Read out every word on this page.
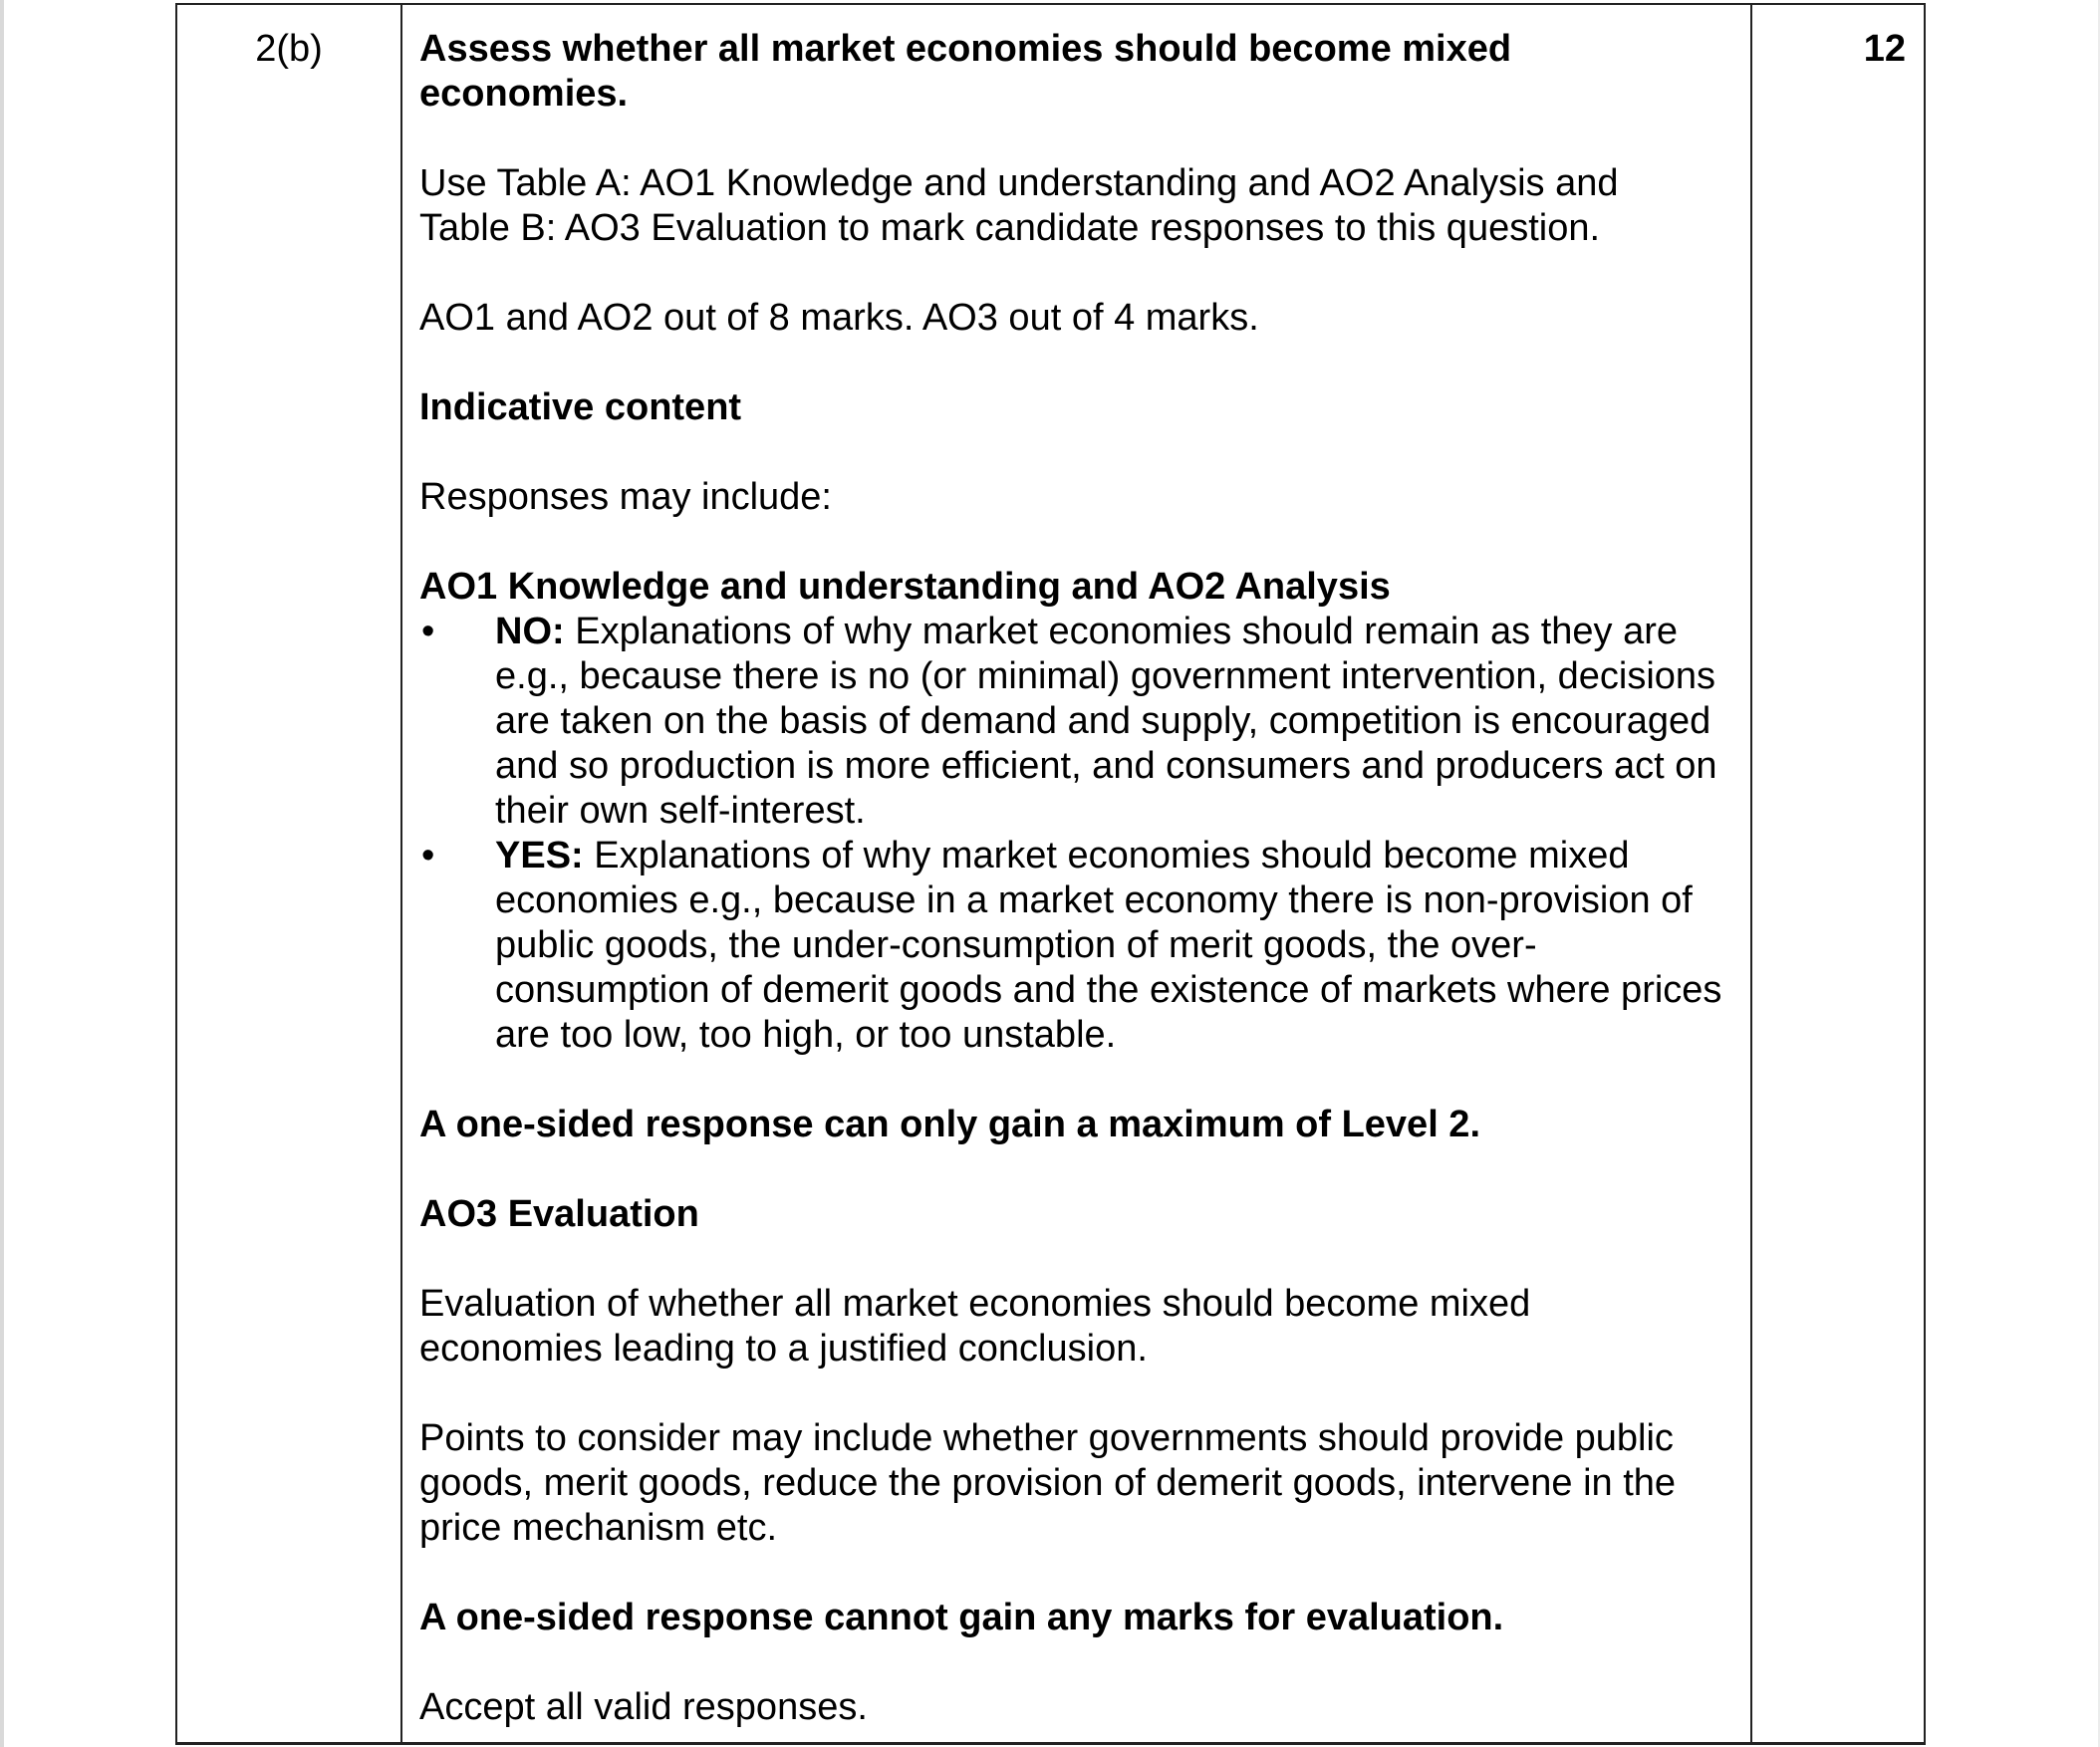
2(b)	Assess whether all market economies should become mixed economies.

Use Table A: AO1 Knowledge and understanding and AO2 Analysis and Table B: AO3 Evaluation to mark candidate responses to this question.

AO1 and AO2 out of 8 marks. AO3 out of 4 marks.

Indicative content

Responses may include:

AO1 Knowledge and understanding and AO2 Analysis

• NO: Explanations of why market economies should remain as they are e.g., because there is no (or minimal) government intervention, decisions are taken on the basis of demand and supply, competition is encouraged and so production is more efficient, and consumers and producers act on their own self-interest.
• YES: Explanations of why market economies should become mixed economies e.g., because in a market economy there is non-provision of public goods, the under-consumption of merit goods, the over-consumption of demerit goods and the existence of markets where prices are too low, too high, or too unstable.

A one-sided response can only gain a maximum of Level 2.

AO3 Evaluation

Evaluation of whether all market economies should become mixed economies leading to a justified conclusion.

Points to consider may include whether governments should provide public goods, merit goods, reduce the provision of demerit goods, intervene in the price mechanism etc.

A one-sided response cannot gain any marks for evaluation.

Accept all valid responses.

12
